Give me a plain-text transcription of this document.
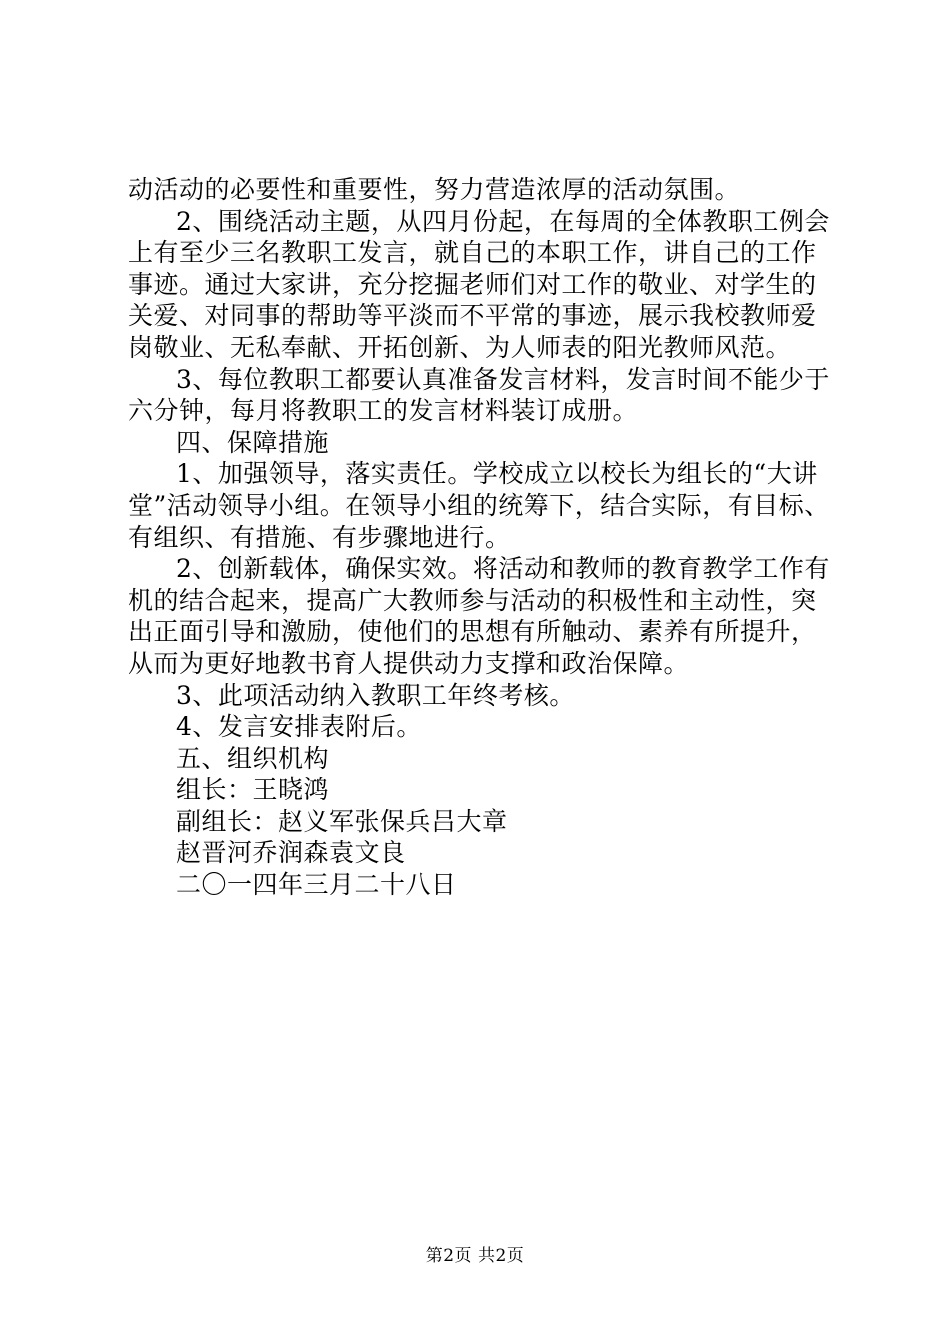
动活动的必要性和重要性，努力营造浓厚的活动氛围。
2、围绕活动主题，从四月份起，在每周的全体教职工例会
上有至少三名教职工发言，就自己的本职工作，讲自己的工作
事迹。通过大家讲，充分挖掘老师们对工作的敬业、对学生的
关爱、对同事的帮助等平淡而不平常的事迹，展示我校教师爱
岗敬业、无私奉献、开拓创新、为人师表的阳光教师风范。
3、每位教职工都要认真准备发言材料，发言时间不能少于
六分钟，每月将教职工的发言材料装订成册。
四、保障措施
1、加强领导，落实责任。学校成立以校长为组长的“大讲
堂”活动领导小组。在领导小组的统筹下，结合实际，有目标、
有组织、有措施、有步骤地进行。
2、创新载体，确保实效。将活动和教师的教育教学工作有
机的结合起来，提高广大教师参与活动的积极性和主动性，突
出正面引导和激励，使他们的思想有所触动、素养有所提升，
从而为更好地教书育人提供动力支撑和政治保障。
3、此项活动纳入教职工年终考核。
4、发言安排表附后。
五、组织机构
组长：王晓鸿
副组长：赵义军张保兵吕大章
赵晋河乔润森袁文良
二〇一四年三月二十八日
第2页 共2页
